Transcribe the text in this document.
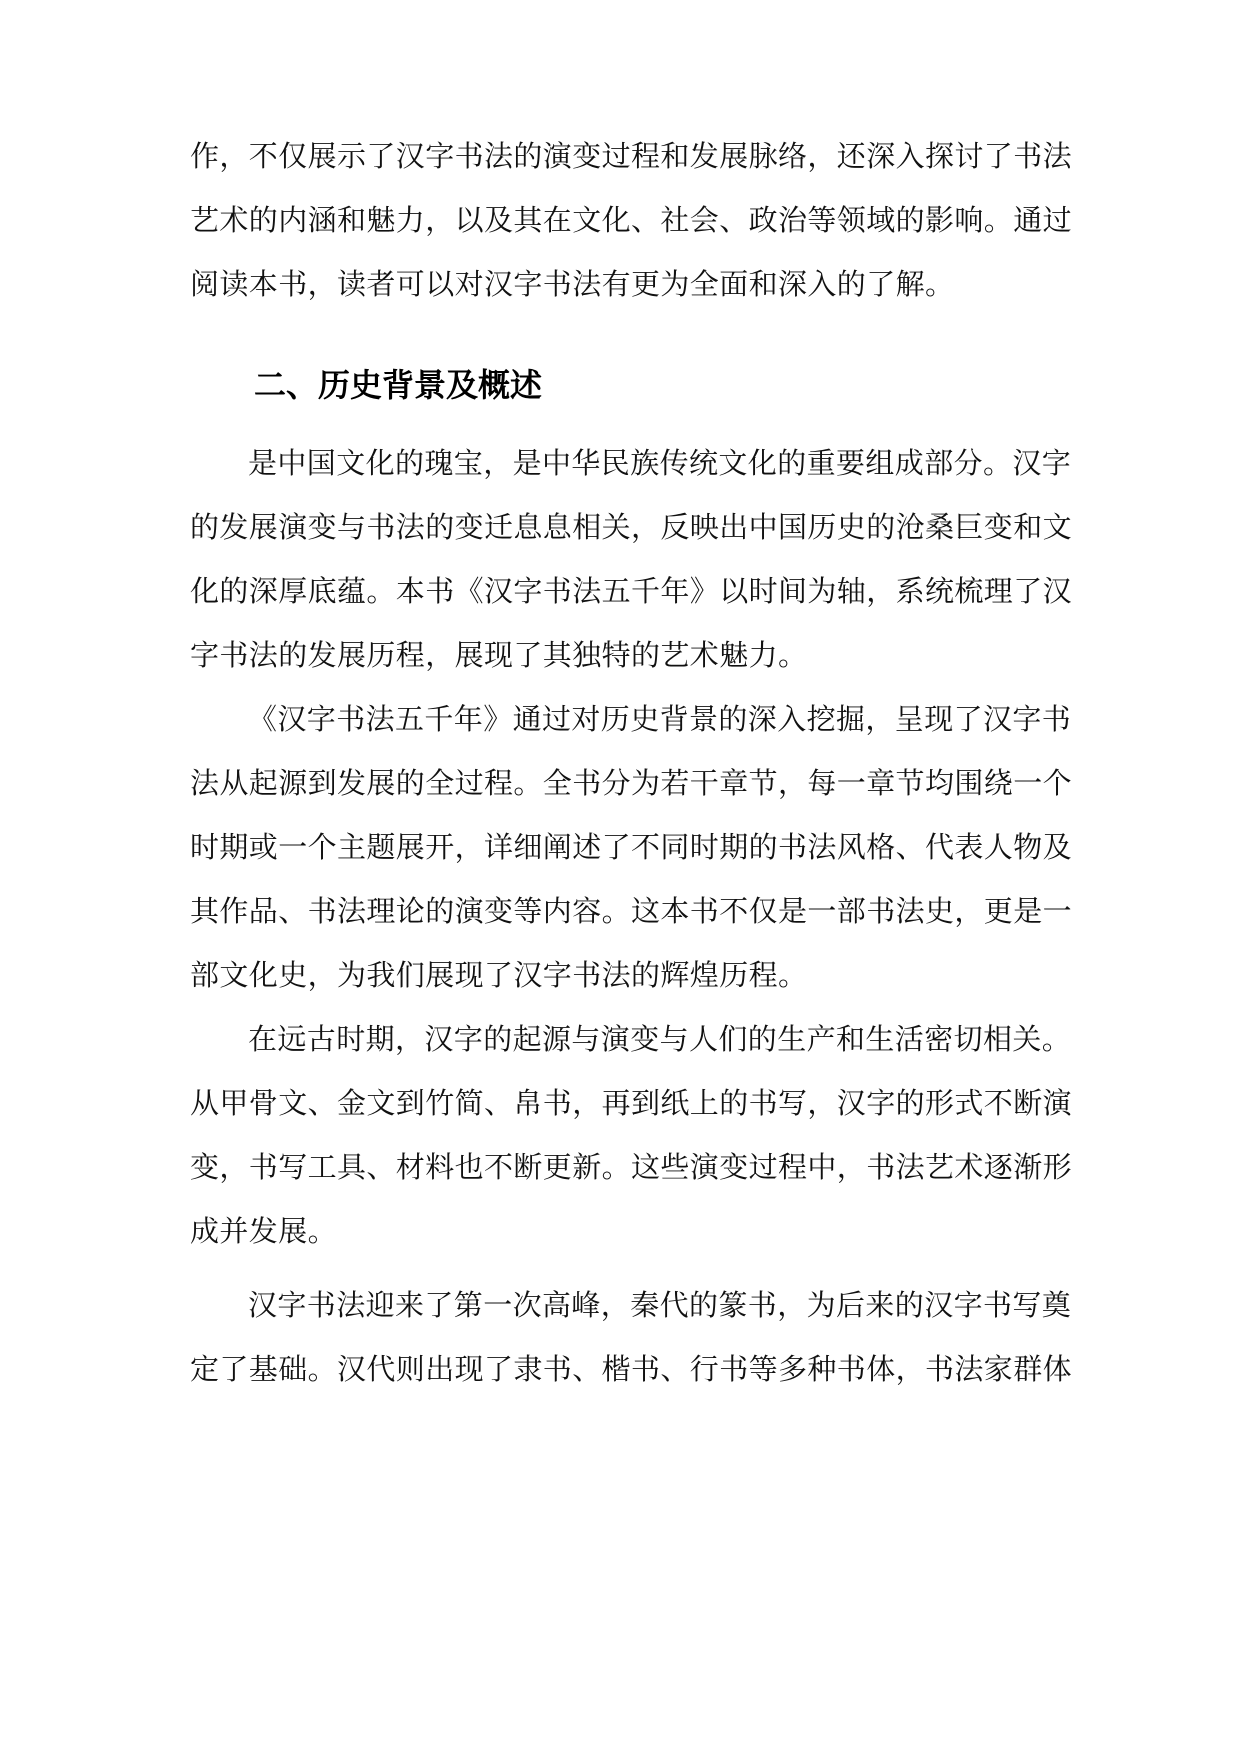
作，不仅展示了汉字书法的演变过程和发展脉络，还深入探讨了书法
艺术的内涵和魅力，以及其在文化、社会、政治等领域的影响。通过
阅读本书，读者可以对汉字书法有更为全面和深入的了解。
二、历史背景及概述
是中国文化的瑰宝，是中华民族传统文化的重要组成部分。汉字
的发展演变与书法的变迁息息相关，反映出中国历史的沧桑巨变和文
化的深厚底蕴。本书《汉字书法五千年》以时间为轴，系统梳理了汉
字书法的发展历程，展现了其独特的艺术魅力。
《汉字书法五千年》通过对历史背景的深入挖掘，呈现了汉字书
法从起源到发展的全过程。全书分为若干章节，每一章节均围绕一个
时期或一个主题展开，详细阐述了不同时期的书法风格、代表人物及
其作品、书法理论的演变等内容。这本书不仅是一部书法史，更是一
部文化史，为我们展现了汉字书法的辉煌历程。
在远古时期，汉字的起源与演变与人们的生产和生活密切相关。
从甲骨文、金文到竹简、帛书，再到纸上的书写，汉字的形式不断演
变，书写工具、材料也不断更新。这些演变过程中，书法艺术逐渐形
成并发展。
汉字书法迎来了第一次高峰，秦代的篆书，为后来的汉字书写奠
定了基础。汉代则出现了隶书、楷书、行书等多种书体，书法家群体
